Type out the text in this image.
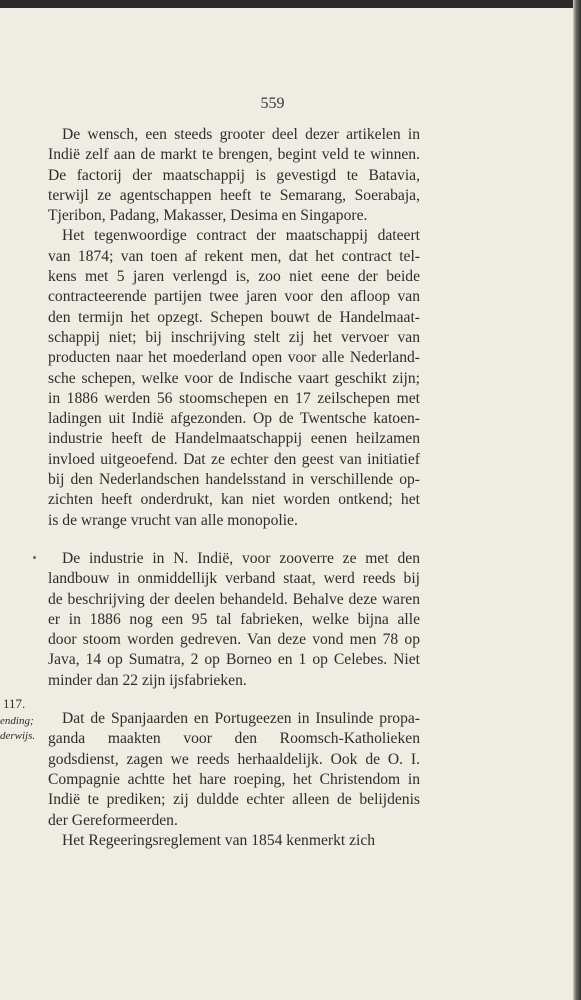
559
De wensch, een steeds grooter deel dezer artikelen in
Indië zelf aan de markt te brengen, begint veld te winnen.
De factorij der maatschappij is gevestigd te Batavia,
terwijl ze agentschappen heeft te Semarang, Soerabaja,
Tjeribon, Padang, Makasser, Desima en Singapore.
Het tegenwoordige contract der maatschappij dateert
van 1874; van toen af rekent men, dat het contract tel-
kens met 5 jaren verlengd is, zoo niet eene der beide
contracteerende partijen twee jaren voor den afloop van
den termijn het opzegt. Schepen bouwt de Handelmaat-
schappij niet; bij inschrijving stelt zij het vervoer van
producten naar het moederland open voor alle Nederland-
sche schepen, welke voor de Indische vaart geschikt zijn;
in 1886 werden 56 stoomschepen en 17 zeilschepen met
ladingen uit Indië afgezonden. Op de Twentsche katoen-
industrie heeft de Handelmaatschappij eenen heilzamen
invloed uitgeoefend. Dat ze echter den geest van initiatief
bij den Nederlandschen handelsstand in verschillende op-
zichten heeft onderdrukt, kan niet worden ontkend; het
is de wrange vrucht van alle monopolie.
De industrie in N. Indië, voor zooverre ze met den
landbouw in onmiddellijk verband staat, werd reeds bij
de beschrijving der deelen behandeld. Behalve deze waren
er in 1886 nog een 95 tal fabrieken, welke bijna alle
door stoom worden gedreven. Van deze vond men 78 op
Java, 14 op Sumatra, 2 op Borneo en 1 op Celebes. Niet
minder dan 22 zijn ijsfabrieken.
Dat de Spanjaarden en Portugeezen in Insulinde propa-
ganda maakten voor den Roomsch-Katholieken
godsdienst, zagen we reeds herhaaldelijk. Ook de O. I.
Compagnie achtte het hare roeping, het Christendom in
Indië te prediken; zij duldde echter alleen de belijdenis
der Gereformeerden.
Het Regeeringsreglement van 1854 kenmerkt zich
117.
ending;
derwijs.
